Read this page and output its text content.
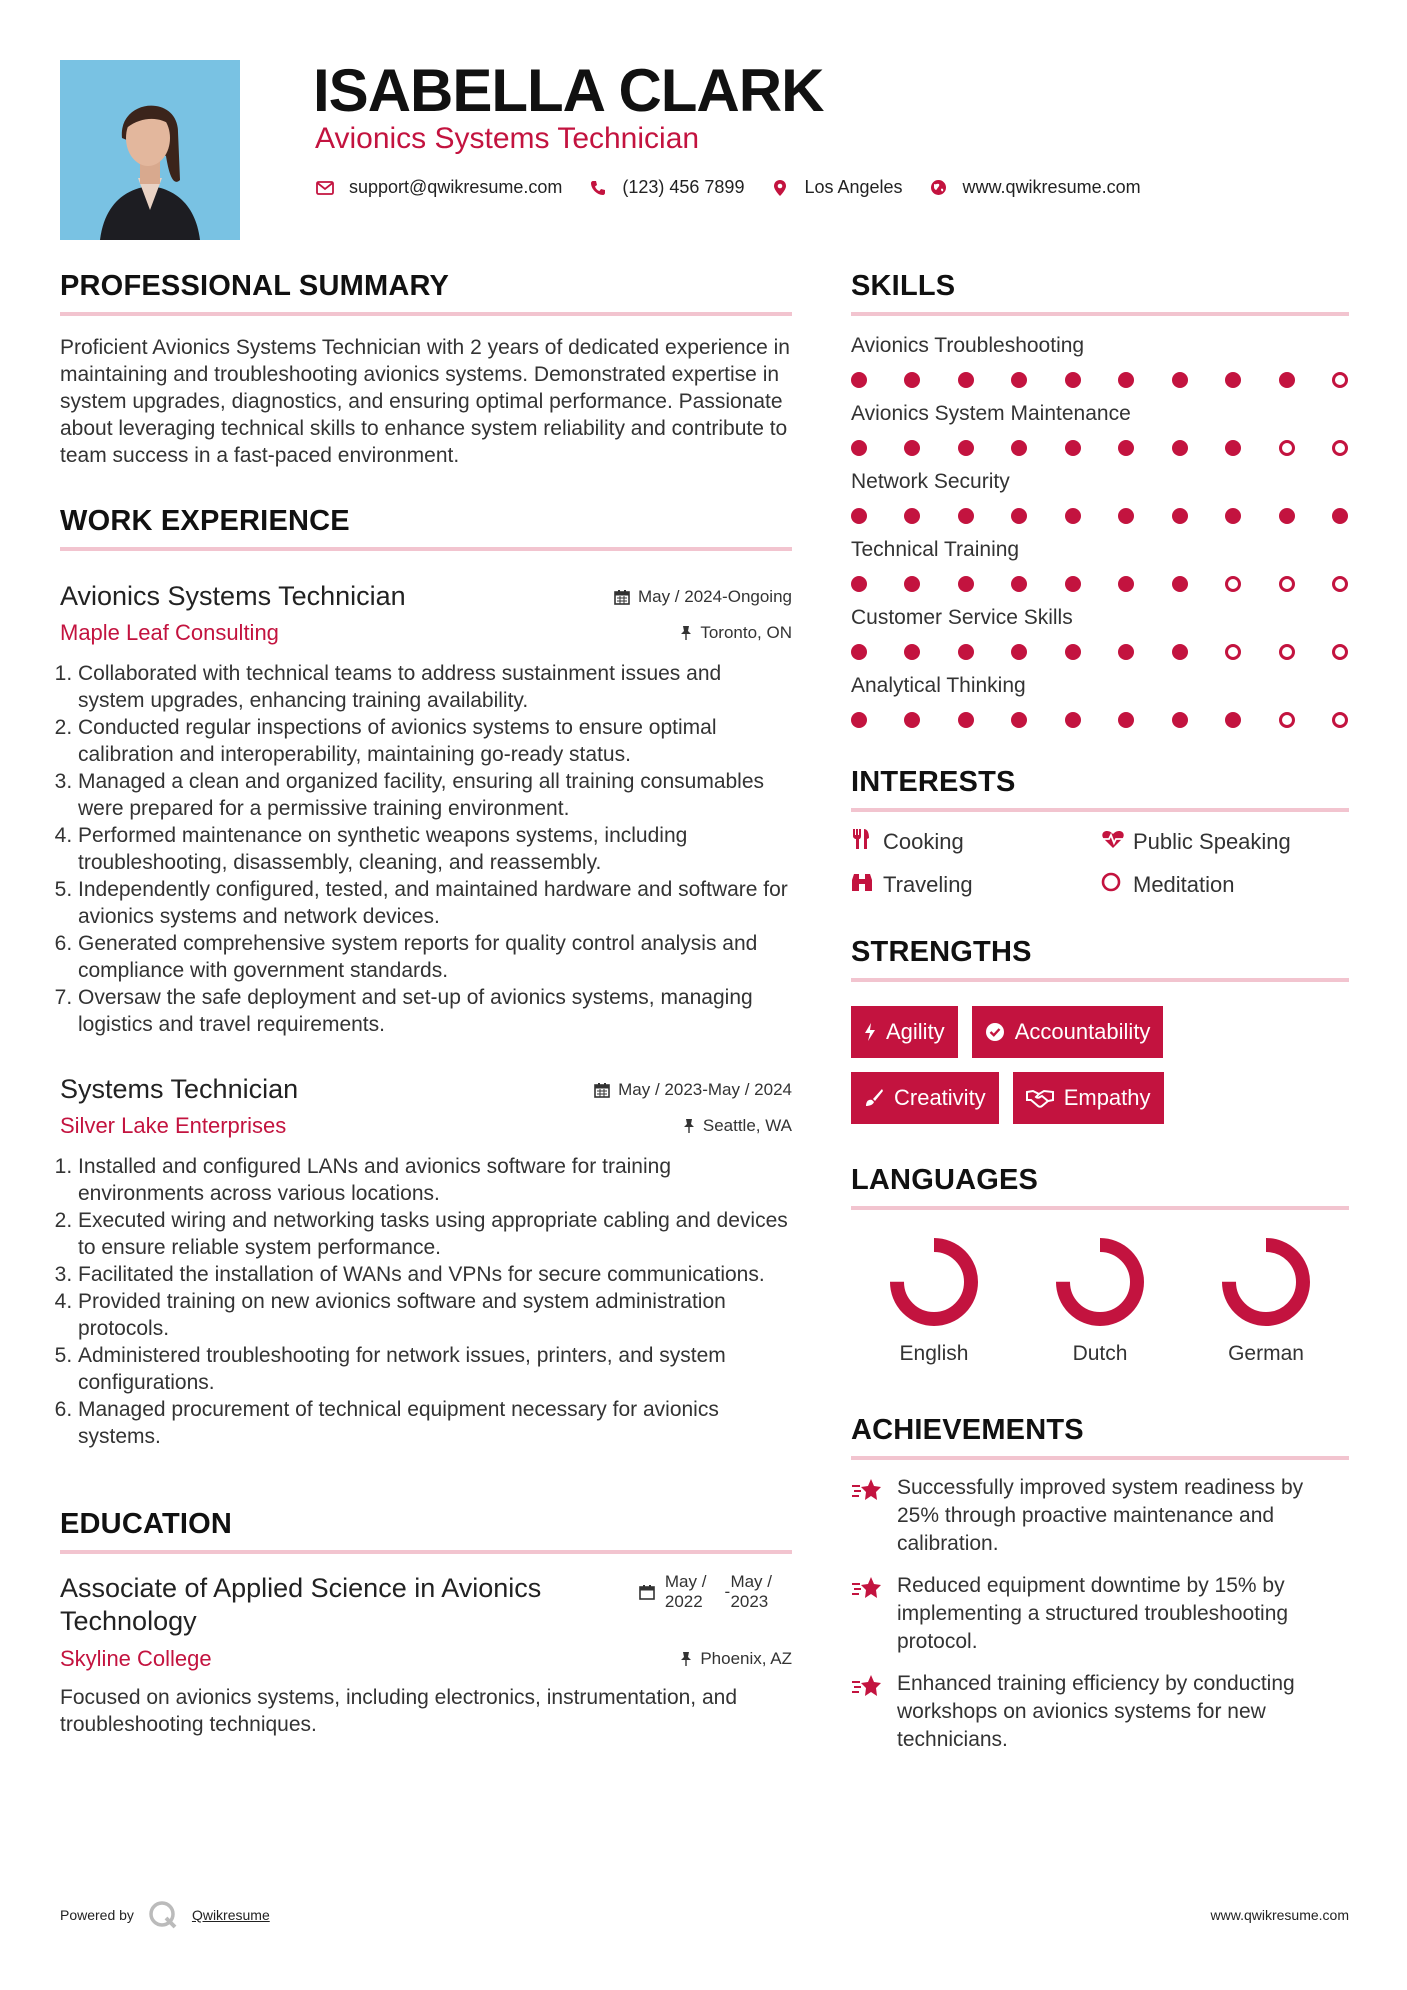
ISABELLA CLARK
Avionics Systems Technician
support@qwikresume.com	(123) 456 7899	Los Angeles	www.qwikresume.com
PROFESSIONAL SUMMARY

Proficient Avionics Systems Technician with 2 years of dedicated experience in maintaining and troubleshooting avionics systems. Demonstrated expertise in system upgrades, diagnostics, and ensuring optimal performance. Passionate about leveraging technical skills to enhance system reliability and contribute to team success in a fast-paced environment.

WORK EXPERIENCE
Avionics Systems Technician	May / 2024-Ongoing
Maple Leaf Consulting	Toronto, ON
1. Collaborated with technical teams to address sustainment issues and system upgrades, enhancing training availability.
2. Conducted regular inspections of avionics systems to ensure optimal calibration and interoperability, maintaining go-ready status.
3. Managed a clean and organized facility, ensuring all training consumables were prepared for a permissive training environment.
4. Performed maintenance on synthetic weapons systems, including troubleshooting, disassembly, cleaning, and reassembly.
5. Independently configured, tested, and maintained hardware and software for avionics systems and network devices.
6. Generated comprehensive system reports for quality control analysis and compliance with government standards.
7. Oversaw the safe deployment and set-up of avionics systems, managing logistics and travel requirements.
Systems Technician	May / 2023-May / 2024
Silver Lake Enterprises	Seattle, WA
1. Installed and configured LANs and avionics software for training environments across various locations.
2. Executed wiring and networking tasks using appropriate cabling and devices to ensure reliable system performance.
3. Facilitated the installation of WANs and VPNs for secure communications.
4. Provided training on new avionics software and system administration protocols.
5. Administered troubleshooting for network issues, printers, and system configurations.
6. Managed procurement of technical equipment necessary for avionics systems.
EDUCATION
Associate of Applied Science in Avionics Technology
May /
2022
-
May /
2023
Skyline College	Phoenix, AZ

Focused on avionics systems, including electronics, instrumentation, and troubleshooting techniques.

SKILLS
Avionics Troubleshooting
Avionics System Maintenance
Network Security
Technical Training
Customer Service Skills
Analytical Thinking
INTERESTS
Cooking	Public Speaking
Traveling	Meditation
STRENGTHS
Agility	Accountability
Creativity	Empathy
LANGUAGES
English	Dutch	German
ACHIEVEMENTS
Successfully improved system readiness by 25% through proactive maintenance and calibration.
Reduced equipment downtime by 15% by implementing a structured troubleshooting protocol.
Enhanced training efficiency by conducting workshops on avionics systems for new technicians.
Powered by	Qwikresume	www.qwikresume.com
